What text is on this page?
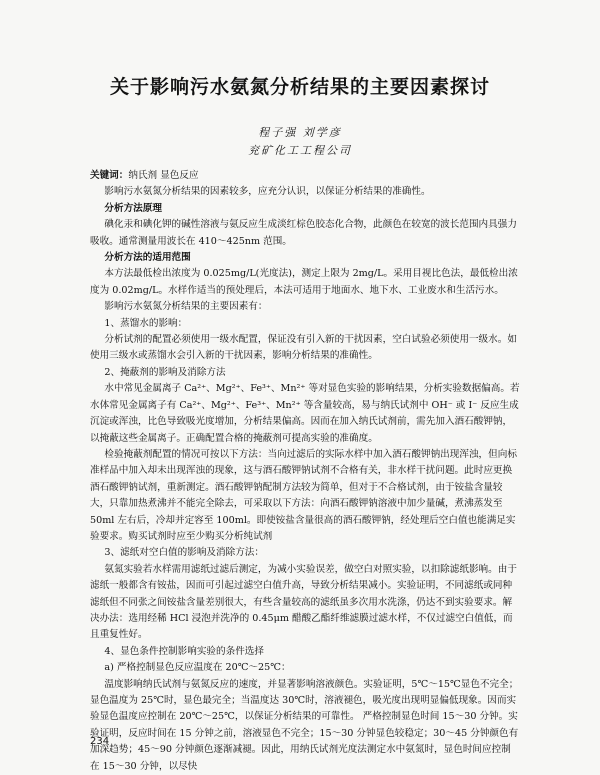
关于影响污水氨氮分析结果的主要因素探讨
程子强 刘学彦
兖矿化工工程公司

关键词：纳氏剂 显色反应

影响污水氨氮分析结果的因素较多，应充分认识，以保证分析结果的准确性。

分析方法原理

碘化汞和碘化钾的碱性溶液与氨反应生成淡红棕色胶态化合物，此颜色在较宽的波长范围内具强力吸收。通常测量用波长在 410～425nm 范围。

分析方法的适用范围

本方法最低检出浓度为 0.025mg/L(光度法)，测定上限为 2mg/L。采用目视比色法，最低检出浓度为 0.02mg/L。水样作适当的预处理后，本法可适用于地面水、地下水、工业废水和生活污水。

影响污水氨氮分析结果的主要因素有：

1、蒸馏水的影响：

分析试剂的配置必须使用一级水配置，保证没有引入新的干扰因素，空白试验必须使用一级水。如使用三级水或蒸馏水会引入新的干扰因素，影响分析结果的准确性。

2、掩蔽剂的影响及消除方法

水中常见金属离子 Ca²⁺、Mg²⁺、Fe³⁺、Mn²⁺ 等对显色实验的影响结果，分析实验数据偏高。若水体常见金属离子有 Ca²⁺、Mg²⁺、Fe³⁺、Mn²⁺ 等含量较高，易与纳氏试剂中 OH⁻ 或 I⁻ 反应生成沉淀或浑浊，比色导致吸光度增加，分析结果偏高。因而在加入纳氏试剂前，需先加入酒石酸钾钠，以掩蔽这些金属离子。正确配置合格的掩蔽剂可提高实验的准确度。

检验掩蔽剂配置的情况可按以下方法：当向过滤后的实际水样中加入酒石酸钾钠出现浑浊，但向标准样品中加入却未出现浑浊的现象，这与酒石酸钾钠试剂不合格有关，非水样干扰问题。此时应更换酒石酸钾钠试剂，重新测定。酒石酸钾钠配制方法较为简单，但对于不合格试剂，由于铵盐含量较大，只靠加热煮沸并不能完全除去，可采取以下方法：向酒石酸钾钠溶液中加少量碱，煮沸蒸发至 50ml 左右后，冷却并定容至 100ml。即使铵盐含量很高的酒石酸钾钠，经处理后空白值也能满足实验要求。购买试剂时应至少购买分析纯试剂

3、滤纸对空白值的影响及消除方法：

氨氮实验若水样需用滤纸过滤后测定，为减小实验误差，做空白对照实验，以扣除滤纸影响。由于滤纸一般都含有铵盐，因而可引起过滤空白值升高，导致分析结果减小。实验证明，不同滤纸或同种滤纸但不同张之间铵盐含量差别很大，有些含量较高的滤纸虽多次用水洗涤，仍达不到实验要求。解决办法：选用经稀 HCl 浸泡并洗净的 0.45μm 醋酸乙酯纤维滤膜过滤水样，不仅过滤空白值低，而且重复性好。

4、显色条件控制影响实验的条件选择

a) 严格控制显色反应温度在 20℃～25℃：

温度影响纳氏试剂与氨氮反应的速度，并显著影响溶液颜色。实验证明，5℃～15℃显色不完全；显色温度为 25℃时，显色最完全；当温度达 30℃时，溶液褪色，吸光度出现明显偏低现象。因而实验显色温度应控制在 20℃～25℃，以保证分析结果的可靠性。 严格控制显色时间 15～30 分钟。实验证明，反应时间在 15 分钟之前，溶液显色不完全；15～30 分钟显色较稳定；30～45 分钟颜色有加深趋势；45～90 分钟颜色逐渐减褪。因此，用纳氏试剂光度法测定水中氨氮时，显色时间应控制在 15～30 分钟，以尽快

234
